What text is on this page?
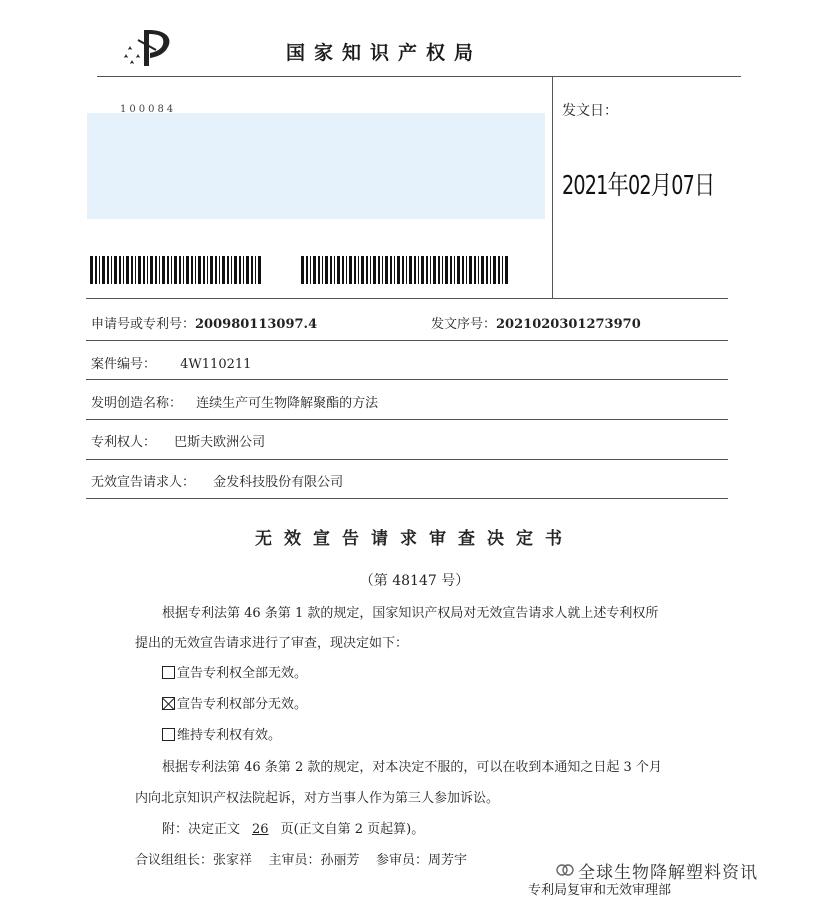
国家知识产权局
100084	发文日：
2021年02月07日
申请号或专利号：200980113097.4	发文序号：2021020301273970
案件编号： 4W110211
发明创造名称： 连续生产可生物降解聚酯的方法
专利权人： 巴斯夫欧洲公司
无效宣告请求人： 金发科技股份有限公司
无效宣告请求审查决定书
（第 48147 号）
根据专利法第 46 条第 1 款的规定，国家知识产权局对无效宣告请求人就上述专利权所
提出的无效宣告请求进行了审查，现决定如下：
宣告专利权全部无效。
宣告专利权部分无效。
维持专利权有效。
根据专利法第 46 条第 2 款的规定，对本决定不服的，可以在收到本通知之日起 3 个月
内向北京知识产权法院起诉，对方当事人作为第三人参加诉讼。
附：决定正文 26 页(正文自第 2 页起算)。
合议组组长：张家祥    主审员：孙丽芳    参审员：周芳宇
专利局复审和无效审理部
全球生物降解塑料资讯
